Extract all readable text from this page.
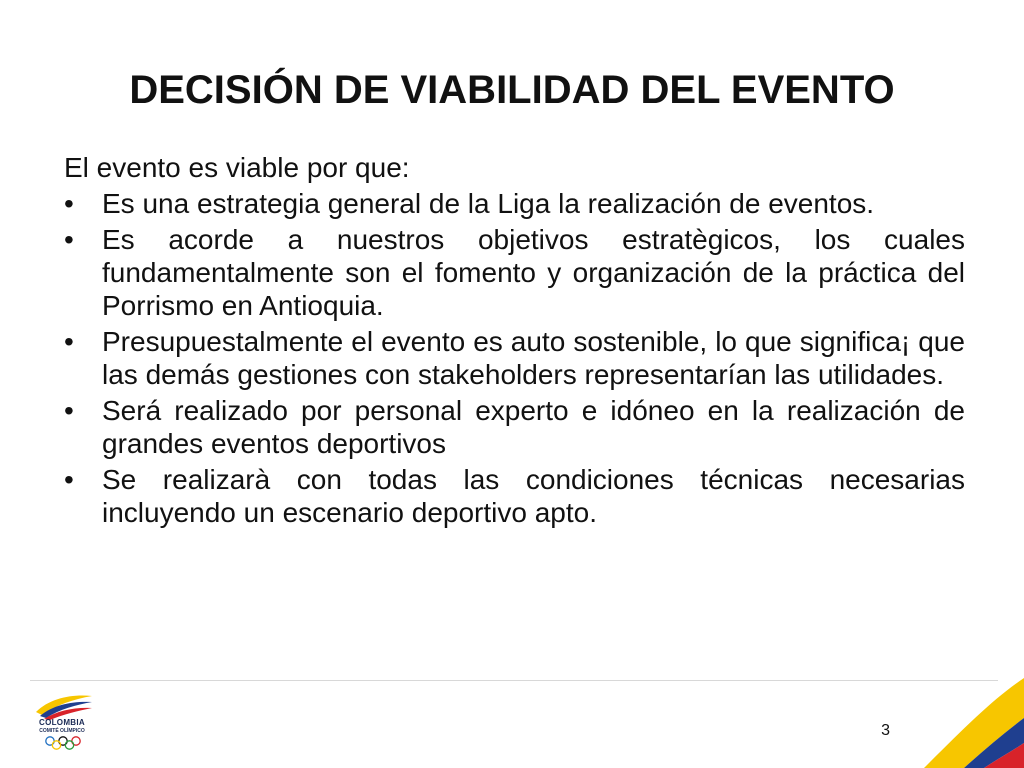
DECISIÓN DE VIABILIDAD DEL EVENTO

El evento es viable por que:

•	Es una estrategia general de la Liga la realización de eventos.
•	Es acorde a nuestros objetivos estratègicos, los cuales fundamentalmente son el fomento y organización de la práctica del Porrismo en Antioquia.
•	Presupuestalmente el evento es auto sostenible, lo que significa¡ que las demás gestiones con stakeholders representarían las utilidades.
•	Será realizado por personal experto e idóneo en la realización de grandes eventos deportivos
•	Se realizarà con todas las condiciones técnicas necesarias incluyendo un escenario deportivo apto.
COLOMBIA
COMITÉ OLÍMPICO	3
